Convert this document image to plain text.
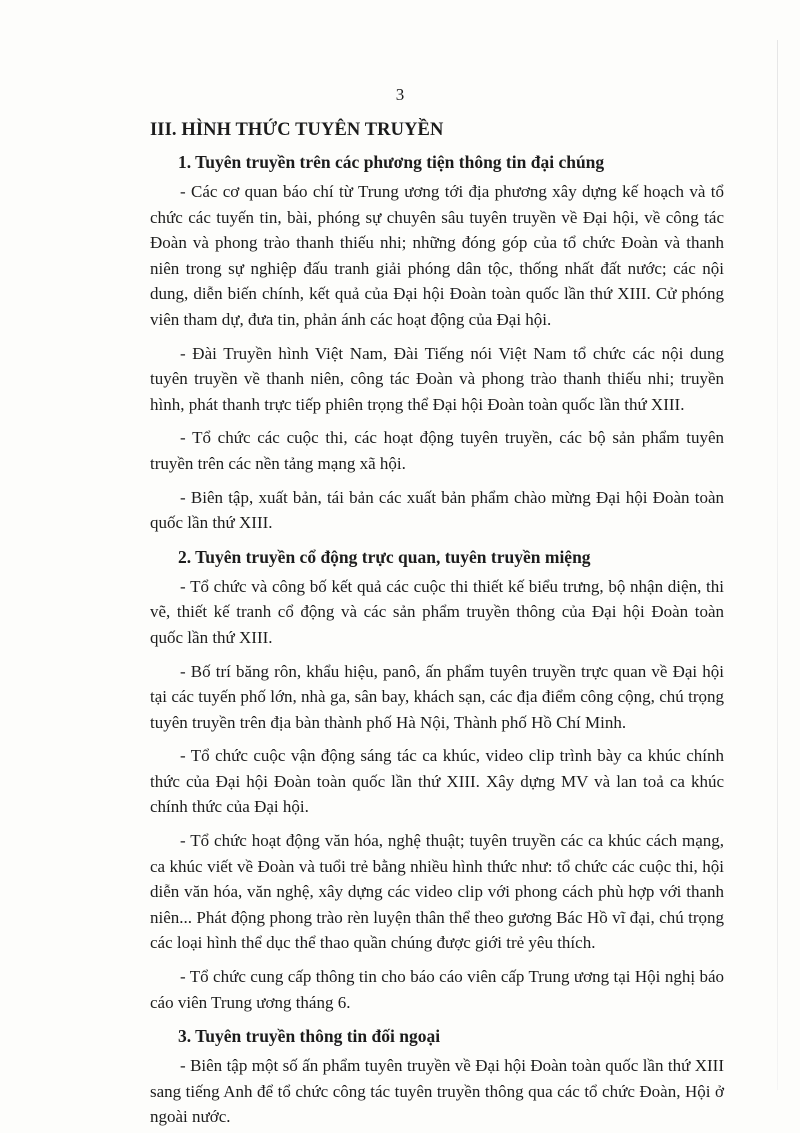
3
III. HÌNH THỨC TUYÊN TRUYỀN
1. Tuyên truyền trên các phương tiện thông tin đại chúng

- Các cơ quan báo chí từ Trung ương tới địa phương xây dựng kế hoạch và tổ chức các tuyến tin, bài, phóng sự chuyên sâu tuyên truyền về Đại hội, về công tác Đoàn và phong trào thanh thiếu nhi; những đóng góp của tổ chức Đoàn và thanh niên trong sự nghiệp đấu tranh giải phóng dân tộc, thống nhất đất nước; các nội dung, diễn biến chính, kết quả của Đại hội Đoàn toàn quốc lần thứ XIII. Cử phóng viên tham dự, đưa tin, phản ánh các hoạt động của Đại hội.

- Đài Truyền hình Việt Nam, Đài Tiếng nói Việt Nam tổ chức các nội dung tuyên truyền về thanh niên, công tác Đoàn và phong trào thanh thiếu nhi; truyền hình, phát thanh trực tiếp phiên trọng thể Đại hội Đoàn toàn quốc lần thứ XIII.

- Tổ chức các cuộc thi, các hoạt động tuyên truyền, các bộ sản phẩm tuyên truyền trên các nền tảng mạng xã hội.

- Biên tập, xuất bản, tái bản các xuất bản phẩm chào mừng Đại hội Đoàn toàn quốc lần thứ XIII.

2. Tuyên truyền cổ động trực quan, tuyên truyền miệng

- Tổ chức và công bố kết quả các cuộc thi thiết kế biểu trưng, bộ nhận diện, thi vẽ, thiết kế tranh cổ động và các sản phẩm truyền thông của Đại hội Đoàn toàn quốc lần thứ XIII.

- Bố trí băng rôn, khẩu hiệu, panô, ấn phẩm tuyên truyền trực quan về Đại hội tại các tuyến phố lớn, nhà ga, sân bay, khách sạn, các địa điểm công cộng, chú trọng tuyên truyền trên địa bàn thành phố Hà Nội, Thành phố Hồ Chí Minh.

- Tổ chức cuộc vận động sáng tác ca khúc, video clip trình bày ca khúc chính thức của Đại hội Đoàn toàn quốc lần thứ XIII. Xây dựng MV và lan toả ca khúc chính thức của Đại hội.

- Tổ chức hoạt động văn hóa, nghệ thuật; tuyên truyền các ca khúc cách mạng, ca khúc viết về Đoàn và tuổi trẻ bằng nhiều hình thức như: tổ chức các cuộc thi, hội diễn văn hóa, văn nghệ, xây dựng các video clip với phong cách phù hợp với thanh niên... Phát động phong trào rèn luyện thân thể theo gương Bác Hồ vĩ đại, chú trọng các loại hình thể dục thể thao quần chúng được giới trẻ yêu thích.

- Tổ chức cung cấp thông tin cho báo cáo viên cấp Trung ương tại Hội nghị báo cáo viên Trung ương tháng 6.

3. Tuyên truyền thông tin đối ngoại

- Biên tập một số ấn phẩm tuyên truyền về Đại hội Đoàn toàn quốc lần thứ XIII sang tiếng Anh để tổ chức công tác tuyên truyền thông qua các tổ chức Đoàn, Hội ở ngoài nước.
